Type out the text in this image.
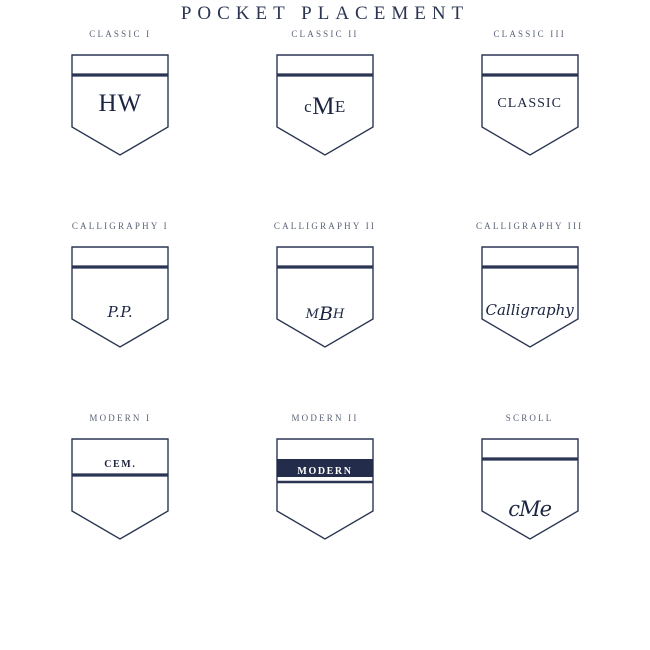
POCKET PLACEMENT
CLASSIC I
HW
CLASSIC II
cME
CLASSIC III
CLASSIC
CALLIGRAPHY I
P.P.
CALLIGRAPHY II
MBH
CALLIGRAPHY III
Calligraphy
MODERN I
CEM.
MODERN II
MODERN
SCROLL
cMe
